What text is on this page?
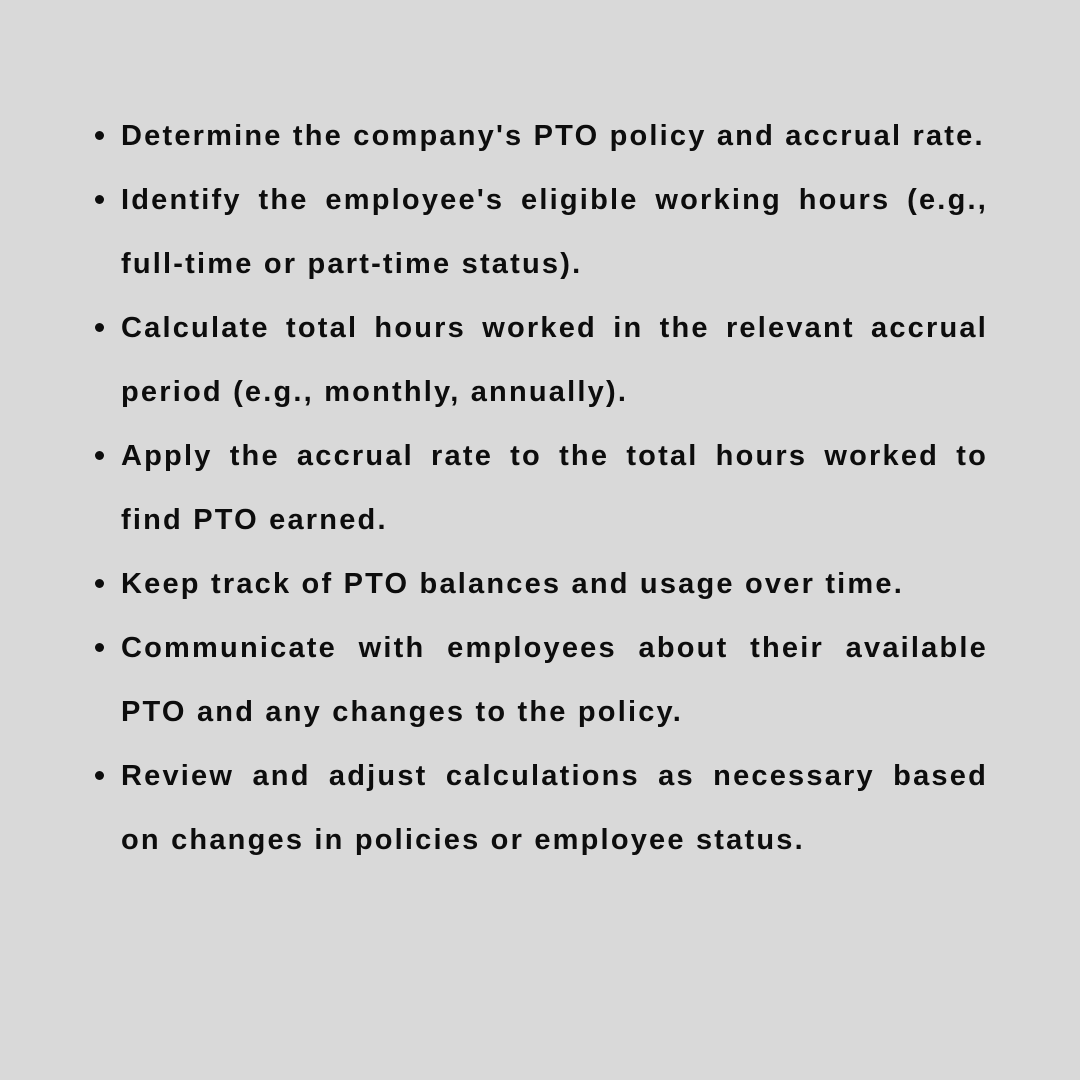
Determine the company's PTO policy and accrual rate.
Identify the employee's eligible working hours (e.g., full-time or part-time status).
Calculate total hours worked in the relevant accrual period (e.g., monthly, annually).
Apply the accrual rate to the total hours worked to find PTO earned.
Keep track of PTO balances and usage over time.
Communicate with employees about their available PTO and any changes to the policy.
Review and adjust calculations as necessary based on changes in policies or employee status.
